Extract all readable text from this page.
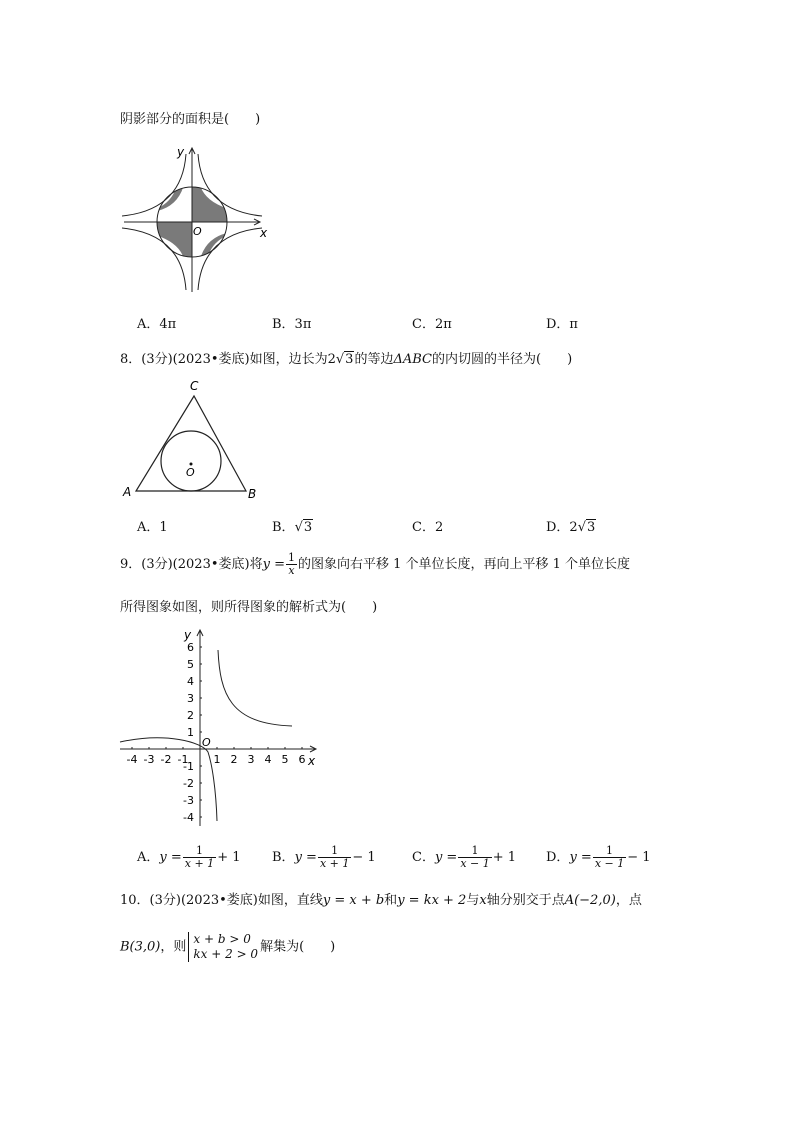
阴影部分的面积是(　　)
y
x
O
A．4π	B．3π	C．2π	D．π
8．(3分)(2023•娄底)如图，边长为2√3的等边ΔABC的内切圆的半径为(　　)
A	B
C
O
A．1	B．√3	C．2	D．2√3
9．(3分)(2023•娄底)将$y = \frac{1}{x}$ 的图象向右平移 1 个单位长度，再向上平移 1 个单位长度
所得图象如图，则所得图象的解析式为(　　)
-4 -3 -2 -1 1 2 3 4 5 6
6
5
4
3
2
1
-1
-2
-3
-4
y
x
O
A．$y = \frac{1}{x + 1} + 1$ B．$y = \frac{1}{x + 1} - 1$	C．$y = \frac{1}{x - 1} + 1$ D．$y = \frac{1}{x - 1} - 1$
10．(3分)(2023•娄底)如图，直线y = x + b和y = kx + 2与x轴分别交于点A(−2,0)，点
B(3,0)，则
x + b > 0
kx + 2 > 0 解集为(　　)
